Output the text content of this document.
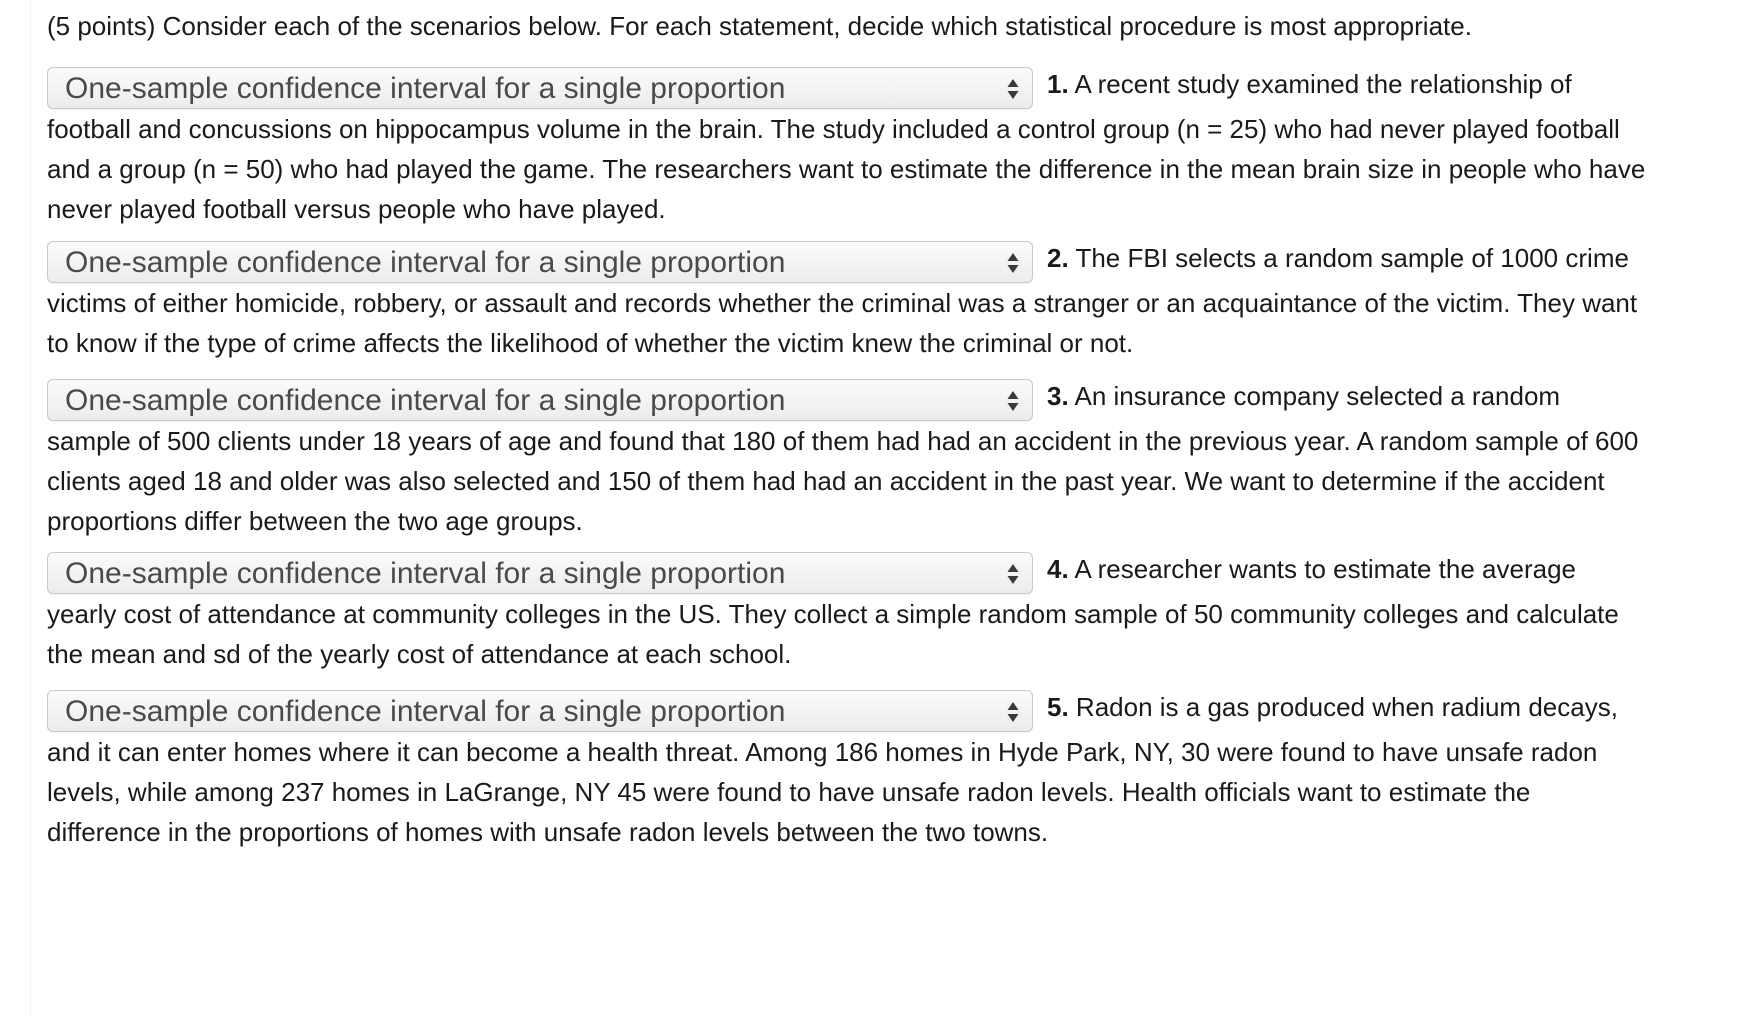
(5 points) Consider each of the scenarios below. For each statement, decide which statistical procedure is most appropriate.

One-sample confidence interval for a single proportion	1. A recent study examined the relationship of football and concussions on hippocampus volume in the brain. The study included a control group (n = 25) who had never played football and a group (n = 50) who had played the game. The researchers want to estimate the difference in the mean brain size in people who have never played football versus people who have played.

One-sample confidence interval for a single proportion	2. The FBI selects a random sample of 1000 crime victims of either homicide, robbery, or assault and records whether the criminal was a stranger or an acquaintance of the victim. They want to know if the type of crime affects the likelihood of whether the victim knew the criminal or not.

One-sample confidence interval for a single proportion	3. An insurance company selected a random sample of 500 clients under 18 years of age and found that 180 of them had had an accident in the previous year. A random sample of 600 clients aged 18 and older was also selected and 150 of them had had an accident in the past year. We want to determine if the accident proportions differ between the two age groups.

One-sample confidence interval for a single proportion	4. A researcher wants to estimate the average yearly cost of attendance at community colleges in the US. They collect a simple random sample of 50 community colleges and calculate the mean and sd of the yearly cost of attendance at each school.

One-sample confidence interval for a single proportion	5. Radon is a gas produced when radium decays, and it can enter homes where it can become a health threat. Among 186 homes in Hyde Park, NY, 30 were found to have unsafe radon levels, while among 237 homes in LaGrange, NY 45 were found to have unsafe radon levels. Health officials want to estimate the difference in the proportions of homes with unsafe radon levels between the two towns.
